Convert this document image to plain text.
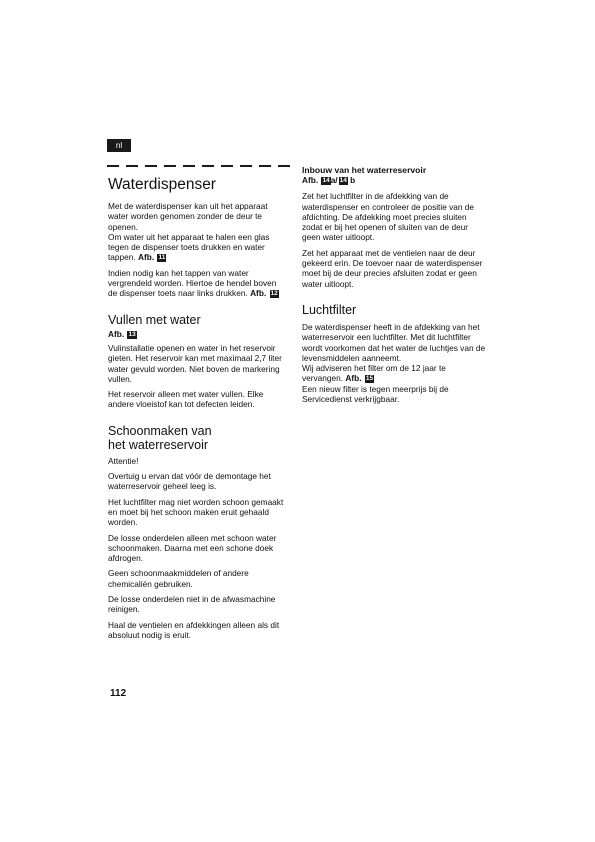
nl
Waterdispenser

Met de waterdispenser kan uit het apparaat water worden genomen zonder de deur te openen.
Om water uit het apparaat te halen een glas tegen de dispenser toets drukken en water tappen. Afb. 11

Indien nodig kan het tappen van water vergrendeld worden. Hiertoe de hendel boven de dispenser toets naar links drukken. Afb. 12

Vullen met water

Afb. 13

Vulinstallatie openen en water in het reservoir gieten. Het reservoir kan met maximaal 2,7 liter water gevuld worden. Niet boven de markering vullen.

Het reservoir alleen met water vullen. Elke andere vloeistof kan tot defecten leiden.

Schoonmaken van
het waterreservoir

Attentie!

Overtuig u ervan dat vóór de demontage het waterreservoir geheel leeg is.

Het luchtfilter mag niet worden schoon gemaakt en moet bij het schoon maken eruit gehaald worden.

De losse onderdelen alleen met schoon water schoonmaken. Daarna met een schone doek afdrogen.

Geen schoonmaakmiddelen of andere chemicaliën gebruiken.

De losse onderdelen niet in de afwasmachine reinigen.

Haal de ventielen en afdekkingen alleen als dit absoluut nodig is eruit.

Inbouw van het waterreservoir

Afb. 14a/ 14 b

Zet het luchtfilter in de afdekking van de waterdispenser en controleer de positie van de afdichting. De afdekking moet precies sluiten zodat er bij het openen of sluiten van de deur geen water uitloopt.

Zet het apparaat met de ventielen naar de deur gekeerd erin. De toevoer naar de waterdispenser moet bij de deur precies afsluiten zodat er geen water uitloopt.

Luchtfilter

De waterdispenser heeft in de afdekking van het waterreservoir een luchtfilter. Met dit luchtfilter wordt voorkomen dat het water de luchtjes van de levensmiddelen aanneemt.
Wij adviseren het filter om de 12 jaar te vervangen. Afb. 15
Een nieuw filter is tegen meerprijs bij de Servicedienst verkrijgbaar.

112
